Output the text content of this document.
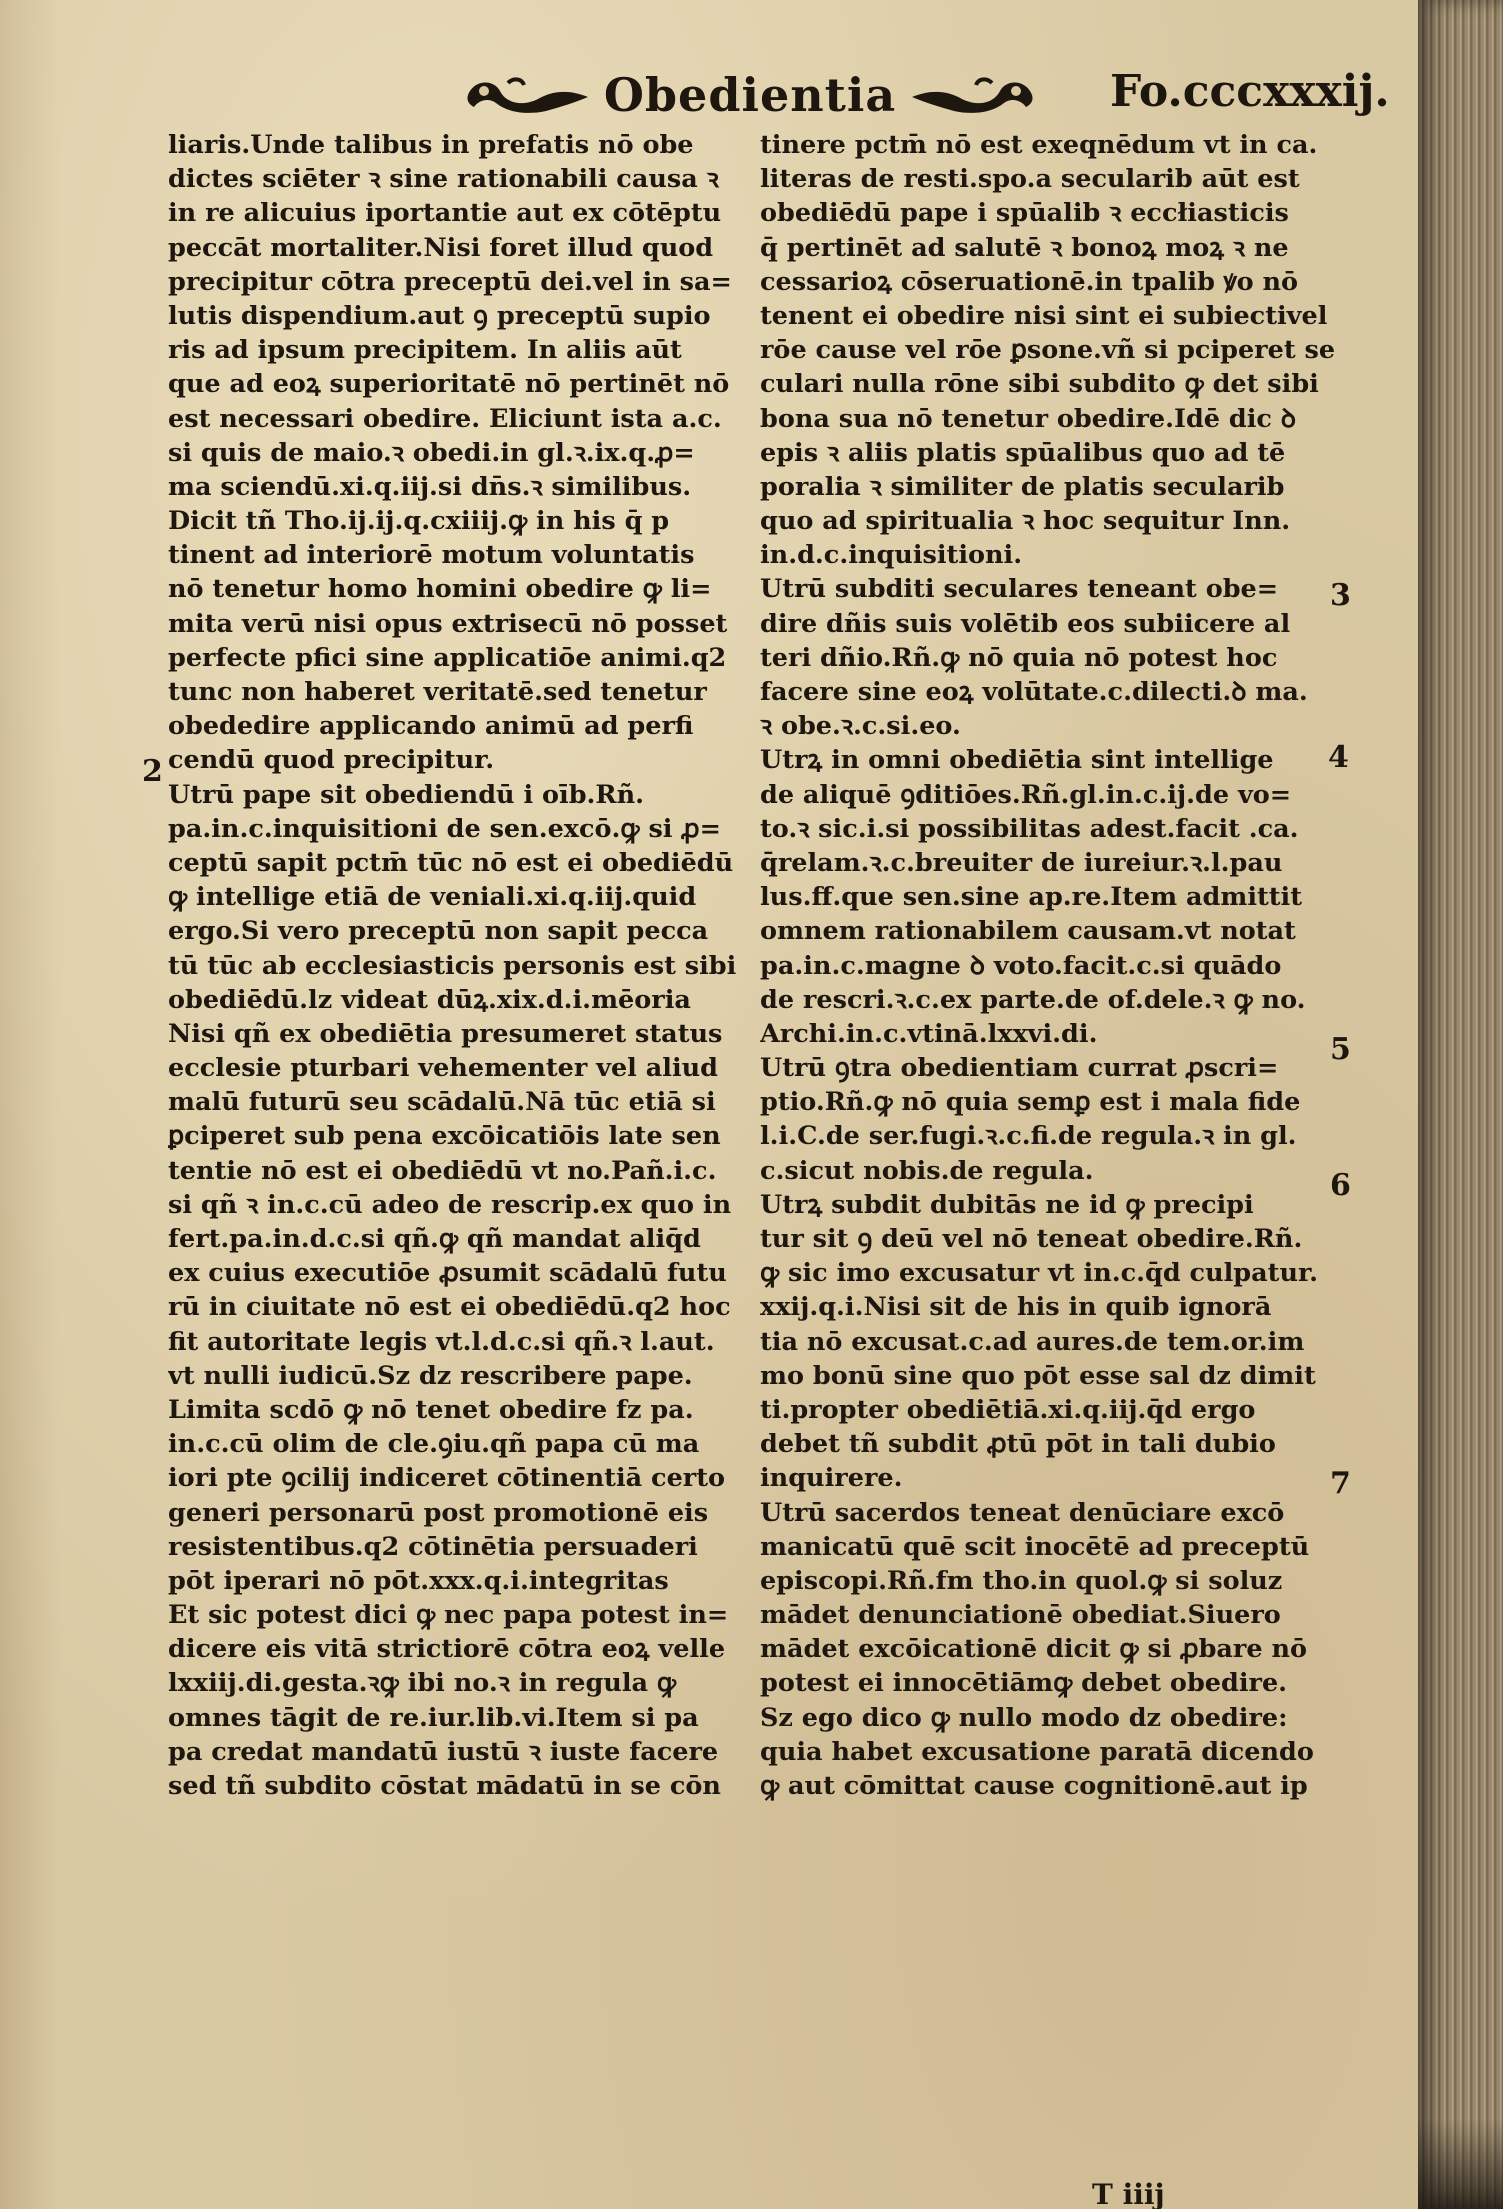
Obedientia	Fo.cccxxxij.
liaris.Unde talibus in prefatis nō obe
dictes sciēter ꝛ sine rationabili causa ꝛ
in re alicuius iportantie aut ex cōtēptu
peccāt mortaliter.Nisi foret illud quod
precipitur cōtra preceptū dei.vel in sa=
lutis dispendium.aut ꝯ preceptū supio
ris ad ipsum precipitem. In aliis aūt
que ad eoꝝ superioritatē nō pertinēt nō
est necessari obedire. Eliciunt ista a.c.
si quis de maio.ꝛ obedi.in gl.ꝛ.ix.q.ꝓ=
ma sciendū.xi.q.iij.si dn̄s.ꝛ similibus.
Dicit tñ Tho.ij.ij.q.cxiiij.ꝙ in his q̄ p
tinent ad interiorē motum voluntatis
nō tenetur homo homini obedire ꝙ li=
mita verū nisi opus extrisecū nō posset
perfecte pfici sine applicatiōe animi.q2
tunc non haberet veritatē.sed tenetur
obededire applicando animū ad perfi
cendū quod precipitur.
Utrū pape sit obediendū i oīb.Rñ.
pa.in.c.inquisitioni de sen.excō.ꝙ si ꝓ=
ceptū sapit pctm̄ tūc nō est ei obediēdū
ꝙ intellige etiā de veniali.xi.q.iij.quid
ergo.Si vero preceptū non sapit pecca
tū tūc ab ecclesiasticis personis est sibi
obediēdū.lz videat dūꝝ.xix.d.i.mēoria
Nisi qñ ex obediētia presumeret status
ecclesie pturbari vehementer vel aliud
malū futurū seu scādalū.Nā tūc etiā si
ꝑciperet sub pena excōicatiōis late sen
tentie nō est ei obediēdū vt no.Pañ.i.c.
si qñ ꝛ in.c.cū adeo de rescrip.ex quo in
fert.pa.in.d.c.si qñ.ꝙ qñ mandat aliq̄d
ex cuius executiōe ꝓsumit scādalū futu
rū in ciuitate nō est ei obediēdū.q2 hoc
fit autoritate legis vt.l.d.c.si qñ.ꝛ l.aut.
vt nulli iudicū.Sz dz rescribere pape.
Limita scdō ꝙ nō tenet obedire fz pa.
in.c.cū olim de cle.ꝯiu.qñ papa cū ma
iori pte ꝯcilij indiceret cōtinentiā certo
generi personarū post promotionē eis
resistentibus.q2 cōtinētia persuaderi
pōt iperari nō pōt.xxx.q.i.integritas
Et sic potest dici ꝙ nec papa potest in=
dicere eis vitā strictiorē cōtra eoꝝ velle
lxxiij.di.gesta.ꝛꝙ ibi no.ꝛ in regula ꝙ
omnes tāgit de re.iur.lib.vi.Item si pa
pa credat mandatū iustū ꝛ iuste facere
sed tñ subdito cōstat mādatū in se cōn
tinere pctm̄ nō est exeqnēdum vt in ca.
literas de resti.spo.a secularib aūt est
obediēdū pape i spūalib ꝛ eccłiasticis
q̄ pertinēt ad salutē ꝛ bonoꝝ moꝝ ꝛ ne
cessarioꝝ cōseruationē.in tpalib ꝟo nō
tenent ei obedire nisi sint ei subiectivel
rōe cause vel rōe ꝑsone.vñ si pciperet se
culari nulla rōne sibi subdito ꝙ det sibi
bona sua nō tenetur obedire.Idē dic ꝺ
epis ꝛ aliis platis spūalibus quo ad tē
poralia ꝛ similiter de platis secularib
quo ad spiritualia ꝛ hoc sequitur Inn.
in.d.c.inquisitioni.
Utrū subditi seculares teneant obe=
dire dñis suis volētib eos subiicere al
teri dñio.Rñ.ꝙ nō quia nō potest hoc
facere sine eoꝝ volūtate.c.dilecti.ꝺ ma.
ꝛ obe.ꝛ.c.si.eo.
Utrꝝ in omni obediētia sint intellige
de aliquē ꝯditiōes.Rñ.gl.in.c.ij.de vo=
to.ꝛ sic.i.si possibilitas adest.facit .ca.
q̄relam.ꝛ.c.breuiter de iureiur.ꝛ.l.pau
lus.ff.que sen.sine ap.re.Item admittit
omnem rationabilem causam.vt notat
pa.in.c.magne ꝺ voto.facit.c.si quādo
de rescri.ꝛ.c.ex parte.de of.dele.ꝛ ꝙ no.
Archi.in.c.vtinā.lxxvi.di.
Utrū ꝯtra obedientiam currat ꝓscri=
ptio.Rñ.ꝙ nō quia semꝑ est i mala fide
l.i.C.de ser.fugi.ꝛ.c.fi.de regula.ꝛ in gl.
c.sicut nobis.de regula.
Utrꝝ subdit dubitās ne id ꝙ precipi
tur sit ꝯ deū vel nō teneat obedire.Rñ.
ꝙ sic imo excusatur vt in.c.q̄d culpatur.
xxij.q.i.Nisi sit de his in quib ignorā
tia nō excusat.c.ad aures.de tem.or.im
mo bonū sine quo pōt esse sal dz dimit
ti.propter obediētiā.xi.q.iij.q̄d ergo
debet tñ subdit ꝓtū pōt in tali dubio
inquirere.
Utrū sacerdos teneat denūciare excō
manicatū quē scit inocētē ad preceptū
episcopi.Rñ.fm tho.in quol.ꝙ si soluz
mādet denunciationē obediat.Siuero
mādet excōicationē dicit ꝙ si ꝓbare nō
potest ei innocētiāmꝙ debet obedire.
Sz ego dico ꝙ nullo modo dz obedire:
quia habet excusatione paratā dicendo
ꝙ aut cōmittat cause cognitionē.aut ip
2
3
4
5
6
7
T iiij
